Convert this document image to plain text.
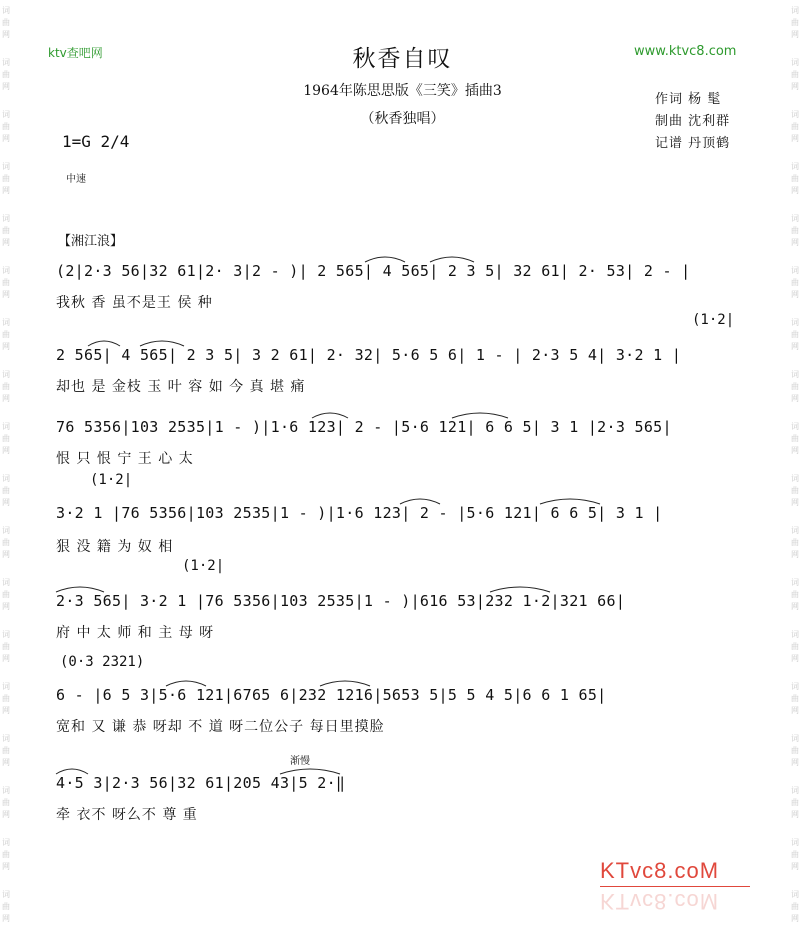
词
曲
网
词
曲
网
词
曲
网
词
曲
网
词
曲
网
词
曲
网
词
曲
网
词
曲
网
词
曲
网
词
曲
网
词
曲
网
词
曲
网
词
曲
网
词
曲
网
词
曲
网
词
曲
网
词
曲
网
词
曲
网
词
曲
网
词
曲
网
词
曲
网
词
曲
网
词
曲
网
词
曲
网
词
曲
网
词
曲
网
词
曲
网
词
曲
网
词
曲
网
词
曲
网
词
曲
网
词
曲
网
词
曲
网
词
曲
网
词
曲
网
词
曲
网
ktv查吧网	www.ktvc8.com
秋香自叹
1964年陈思思版《三笑》插曲3
（秋香独唱）
作词 杨 髦
制曲 沈利群
记谱 丹顶鹤
1=G 2/4
中速
【湘江浪】
(2|2·3 56|32 61|2· 3|2 - )| 2 565| 4 565| 2 3 5| 32 61| 2· 53| 2 - |
我秋 香 虽不是王 侯 种
(1·2|
2 565| 4 565| 2 3 5| 3 2 61| 2· 32| 5·6 5 6| 1 - | 2·3 5 4| 3·2 1 |
却也 是 金枝 玉 叶 容 如 今 真 堪 痛
76 5356|103 2535|1 - )|1·6 123| 2 - |5·6 121| 6 6 5| 3 1 |2·3 565|
恨 只 恨 宁 王 心 太
(1·2|
3·2 1 |76 5356|103 2535|1 - )|1·6 123| 2 - |5·6 121| 6 6 5| 3 1 |
狠 没 籍 为 奴 相
(1·2|
2·3 565| 3·2 1 |76 5356|103 2535|1 - )|616 53|232 1·2|321 66|
府 中 太 师 和 主 母 呀
(0·3 2321)
6 - |6 5 3|5·6 121|6765 6|232 1216|5653 5|5 5 4 5|6 6 1 65|
宽和 又 谦 恭 呀却 不 道 呀二位公子 每日里摸脸
渐慢
4·5 3|2·3 56|32 61|205 43|5 2·‖
牵 衣不 呀么不 尊 重
KTvc8.coM
KTvc8.coM
